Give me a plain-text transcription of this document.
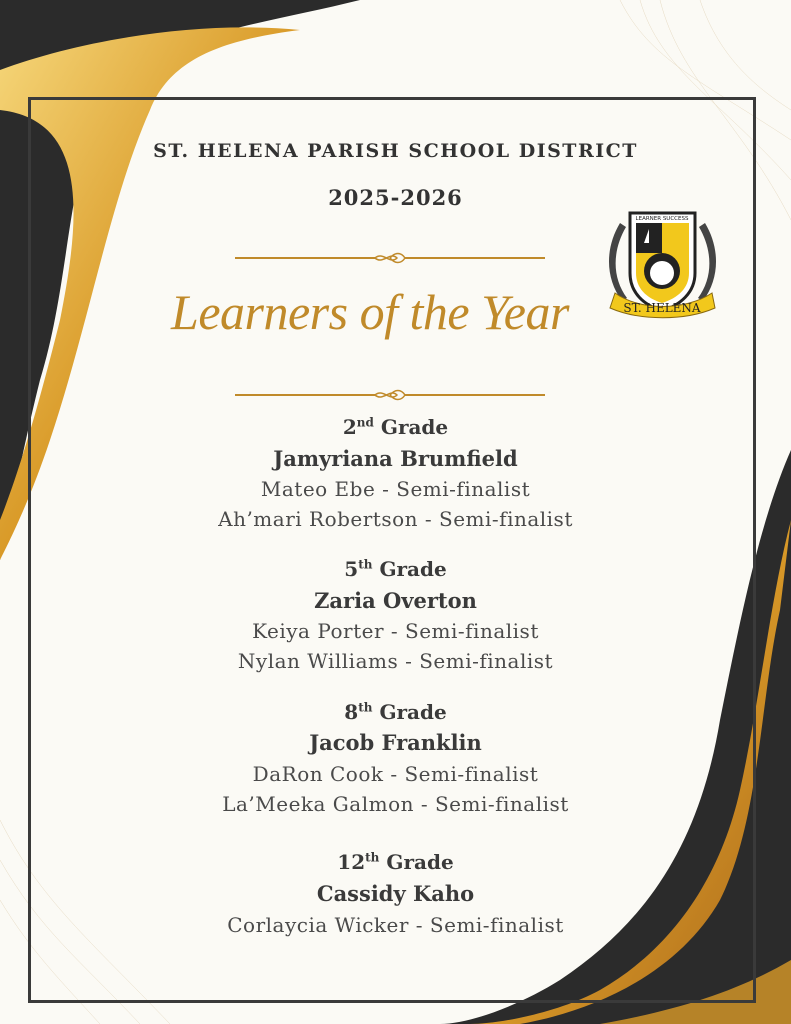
ST. HELENA PARISH SCHOOL DISTRICT
2025-2026
Learners of the Year	ST. HELENA
LEARNER SUCCESS
2nd Grade
Jamyriana Brumfield
Mateo Ebe - Semi-finalist
Ah’mari Robertson - Semi-finalist
5th Grade
Zaria Overton
Keiya Porter - Semi-finalist
Nylan Williams - Semi-finalist
8th Grade
Jacob Franklin
DaRon Cook - Semi-finalist
La’Meeka Galmon - Semi-finalist
12th Grade
Cassidy Kaho
Corlaycia Wicker - Semi-finalist
